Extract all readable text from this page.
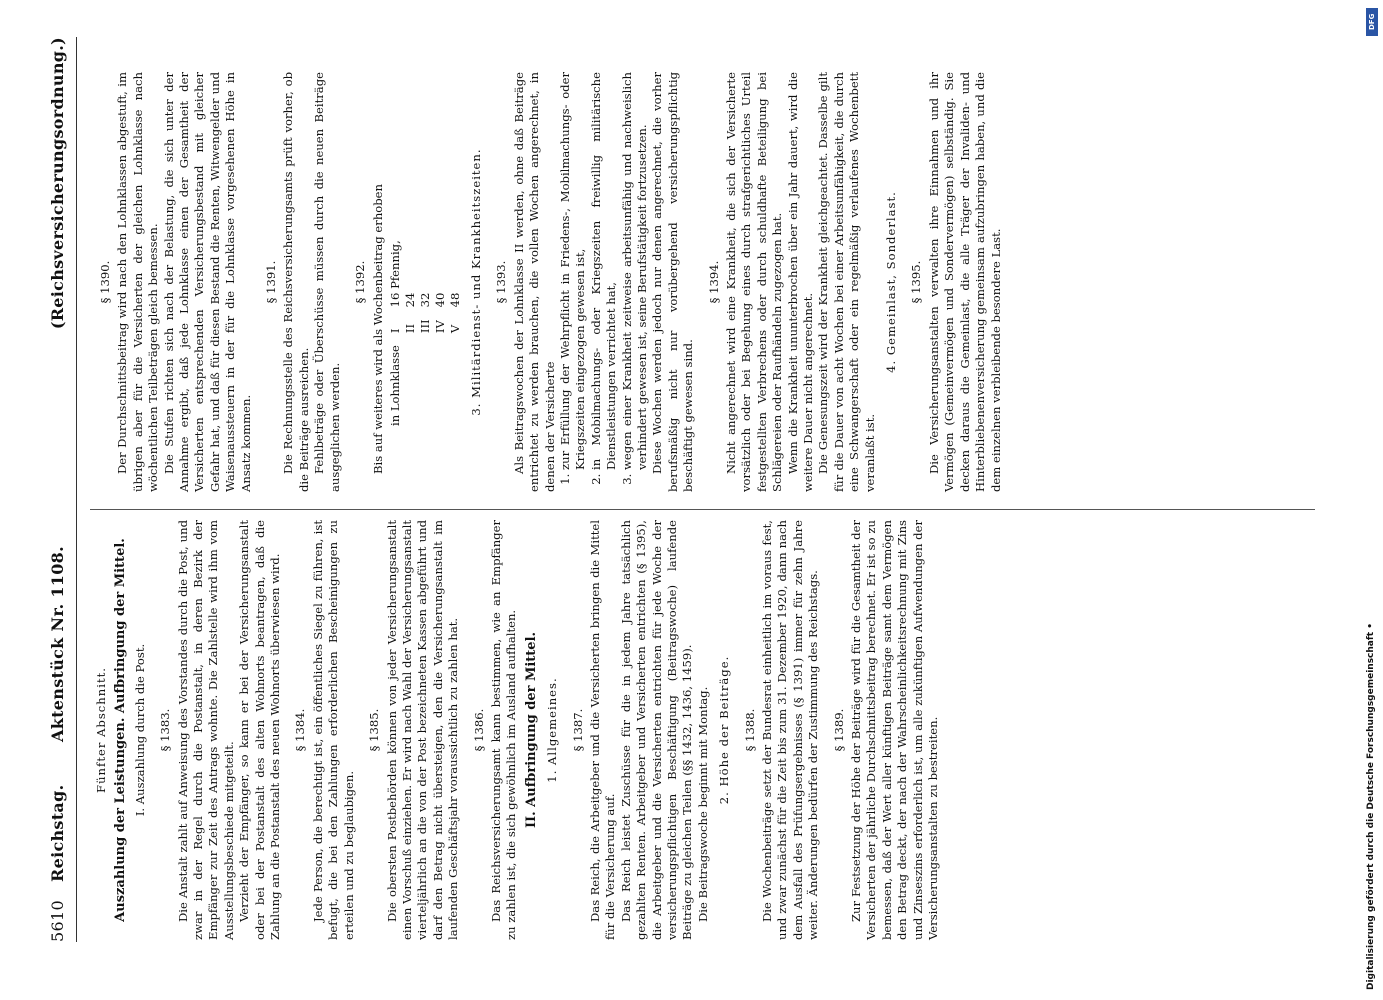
5610
Reichstag.
Aktenstück Nr. 1108.
(Reichsversicherungsordnung.)

Fünfter Abschnitt. Auszahlung der Leistungen. Aufbringung der Mittel. I. Auszahlung durch die Post. § 1383. Die Anstalt zahlt auf Anweisung des Vorstandes durch die Post, und zwar in der Regel durch die Postanstalt, in deren Bezirk der Empfänger zur Zeit des Antrags wohnte. Die Zahlstelle wird ihm vom Ausstellungsbeschiede mitgeteilt. Verzieht der Empfänger, so kann er bei der Versicherungsanstalt oder bei der Postanstalt des alten Wohnorts beantragen, daß die Zahlung an die Postanstalt des neuen Wohnorts überwiesen wird. § 1384. Jede Person, die berechtigt ist, ein öffentliches Siegel zu führen, ist befugt, die bei den Zahlungen erforderlichen Bescheinigungen zu erteilen und zu beglaubigen.

§ 1385. Die obersten Postbehörden können von jeder Versicherungsanstalt einen Vorschuß einziehen. Er wird nach Wahl der Versicherungsanstalt vierteljährlich an die von der Post bezeichneten Kassen abgeführt und darf den Betrag nicht übersteigen, den die Versicherungsanstalt im laufenden Geschäftsjahr voraussichtlich zu zahlen hat. § 1386. Das Reichsversicherungsamt kann bestimmen, wie an Empfänger zu zahlen ist, die sich gewöhnlich im Ausland aufhalten. II. Aufbringung der Mittel. 1. Allgemeines. § 1387. Das Reich, die Arbeitgeber und die Versicherten bringen die Mittel für die Versicherung auf. Das Reich leistet Zuschüsse für die in jedem Jahre tatsächlich gezahlten Renten. Arbeitgeber und Versicherten entrichten (§ 1395), die Arbeitgeber und die Versicherten entrichten für jede Woche der versicherungspflichtigen Beschäftigung (Beitragswoche) laufende Beiträge zu gleichen Teilen (§§ 1432, 1436, 1459). Die Beitragswoche beginnt mit Montag. 2. Höhe der Beiträge. § 1388. Die Wochenbeiträge setzt der Bundesrat einheitlich im voraus fest, und zwar zunächst für die Zeit bis zum 31. Dezember 1920, dann nach dem Ausfall des Prüfungsergebnisses (§ 1391) immer für zehn Jahre weiter. Änderungen bedürfen der Zustimmung des Reichstags. § 1389. Zur Festsetzung der Höhe der Beiträge wird für die Gesamtheit der Versicherten der jährliche Durchschnittsbeitrag berechnet. Er ist so zu bemessen, daß der Wert aller künftigen Beiträge samt dem Vermögen den Betrag deckt, der nach der Wahrscheinlichkeitsrechnung mit Zins und Zinseszins erforderlich ist, um alle zukünftigen Aufwendungen der Versicherungsanstalten zu bestreiten.

§ 1390. Der Durchschnittsbeitrag wird nach den Lohnklassen abgestuft, im übrigen aber für die Versicherten der gleichen Lohnklasse nach wöchentlichen Teilbeträgen gleich bemessen. Die Stufen richten sich nach der Belastung, die sich unter der Annahme ergibt, daß jede Lohnklasse einen der Gesamtheit der Versicherten entsprechenden Versicherungsbestand mit gleicher Gefahr hat, und daß für diesen Bestand die Renten, Witwengelder und Waisenaussteuern in der für die Lohnklasse vorgesehenen Höhe in Ansatz kommen.

§ 1391. Die Rechnungsstelle des Reichsversicherungsamts prüft vorher, ob die Beiträge ausreichen. Fehlbeträge oder Überschüsse müssen durch die neuen Beiträge ausgeglichen werden.

§ 1392. Bis auf weiteres wird als Wochenbeitrag erhoben in Lohnklasse	I	16 Pfennig,
	II	24
	III	32
	IV	40
	V	48 3. Militärdienst- und Krankheitszeiten. § 1393. Als Beitragswochen der Lohnklasse II werden, ohne daß Beiträge entrichtet zu werden brauchen, die vollen Wochen angerechnet, in denen der Versicherte 1. zur Erfüllung der Wehrpflicht in Friedens-, Mobilmachungs- oder Kriegszeiten eingezogen gewesen ist, 2. in Mobilmachungs- oder Kriegszeiten freiwillig militärische Dienstleistungen verrichtet hat, 3. wegen einer Krankheit zeitweise arbeitsunfähig und nachweislich verhindert gewesen ist, seine Berufstätigkeit fortzusetzen. Diese Wochen werden jedoch nur denen angerechnet, die vorher berufsmäßig nicht nur vorübergehend versicherungspflichtig beschäftigt gewesen sind.

§ 1394. Nicht angerechnet wird eine Krankheit, die sich der Versicherte vorsätzlich oder bei Begehung eines durch strafgerichtliches Urteil festgestellten Verbrechens oder durch schuldhafte Beteiligung bei Schlägereien oder Raufhändeln zugezogen hat. Wenn die Krankheit ununterbrochen über ein Jahr dauert, wird die weitere Dauer nicht angerechnet. Die Genesungszeit wird der Krankheit gleichgeachtet. Dasselbe gilt für die Dauer von acht Wochen bei einer Arbeitsunfähigkeit, die durch eine Schwangerschaft oder ein regelmäßig verlaufenes Wochenbett veranlaßt ist.

4. Gemeinlast, Sonderlast. § 1395. Die Versicherungsanstalten verwalten ihre Einnahmen und ihr Vermögen (Gemeinvermögen und Sondervermögen) selbständig. Sie decken daraus die Gemeinlast, die alle Träger der Invaliden- und Hinterbliebenenversicherung gemeinsam aufzubringen haben, und die dem einzelnen verbleibende besondere Last.

DFG
Digitalisierung gefördert durch die Deutsche Forschungsgemeinschaft •
